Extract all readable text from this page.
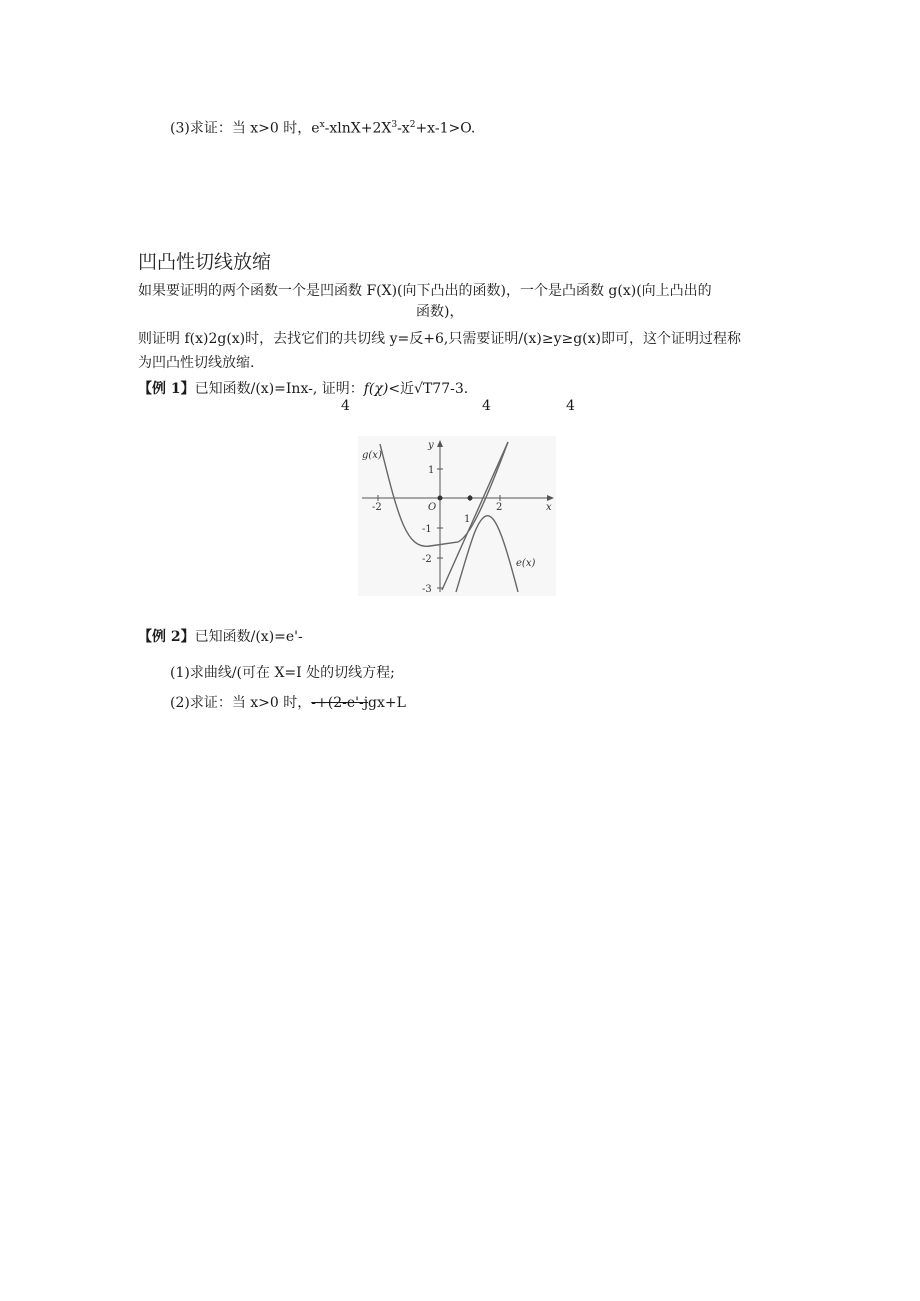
(3)求证：当 x>0 时，$e^x-xlnX+2X^3-x^2+x-1>O$.
凹凸性切线放缩
如果要证明的两个函数一个是凹函数 F(X)(向下凸出的函数)，一个是凸函数 g(x)(向上凸出的
函数)，
则证明 f(x)2g(x)时，去找它们的共切线 y=反+6,只需要证明/(x)≥y≥g(x)即可，这个证明过程称
为凹凸性切线放缩.
【例 1】已知函数/(x)=Inx-, 证明：f(χ)<近√T77-3.
4	4	4
g(x)
e(x)
y
x
O
-2
1
2
1
-1
-2
-3
【例 2】已知函数/(x)=e'-
(1)求曲线/(可在 X=I 处的切线方程;
(2)求证：当 x>0 时，-+(2-e'-jgx+L
